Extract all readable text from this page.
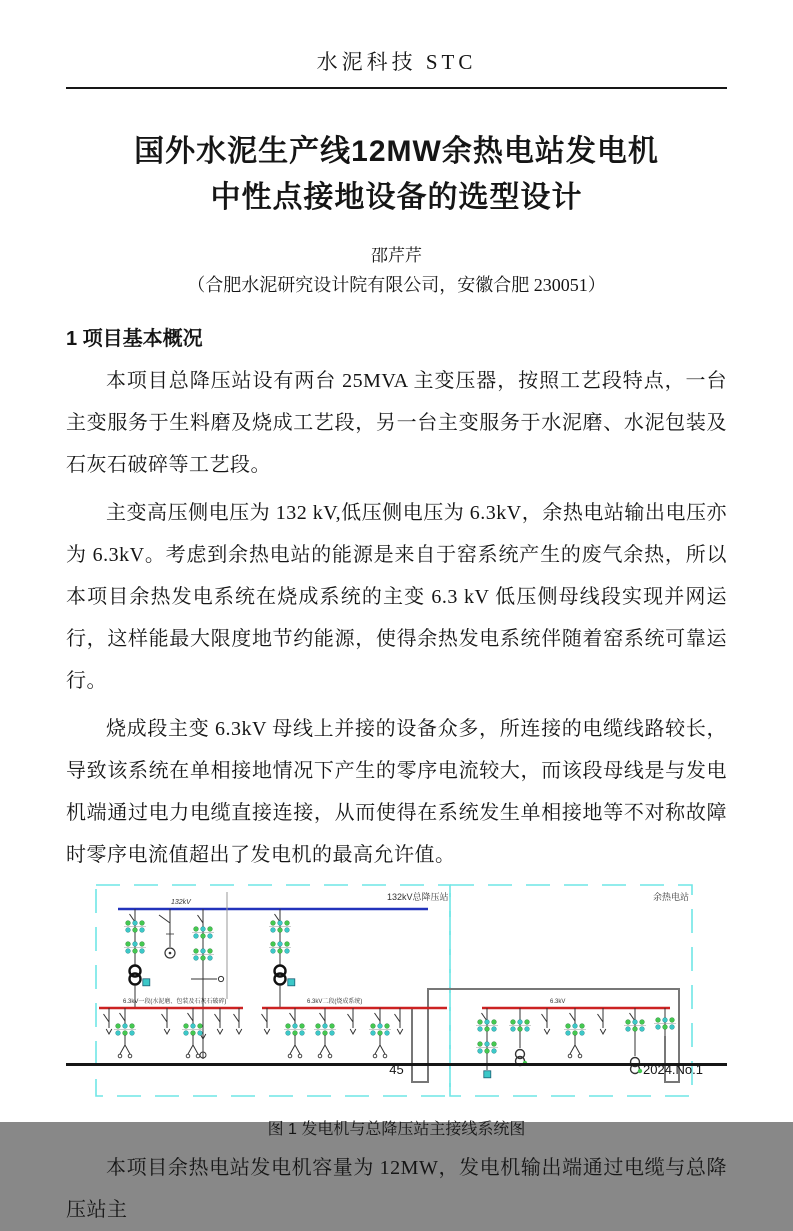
水泥科技 STC
国外水泥生产线12MW余热电站发电机
中性点接地设备的选型设计
邵芹芹
（合肥水泥研究设计院有限公司，安徽合肥 230051）
1 项目基本概况

本项目总降压站设有两台 25MVA 主变压器，按照工艺段特点，一台主变服务于生料磨及烧成工艺段，另一台主变服务于水泥磨、水泥包装及石灰石破碎等工艺段。

主变高压侧电压为 132 kV,低压侧电压为 6.3kV，余热电站输出电压亦为 6.3kV。考虑到余热电站的能源是来自于窑系统产生的废气余热，所以本项目余热发电系统在烧成系统的主变 6.3 kV 低压侧母线段实现并网运行，这样能最大限度地节约能源，使得余热发电系统伴随着窑系统可靠运行。

烧成段主变 6.3kV 母线上并接的设备众多，所连接的电缆线路较长，导致该系统在单相接地情况下产生的零序电流较大，而该段母线是与发电机端通过电力电缆直接连接，从而使得在系统发生单相接地等不对称故障时零序电流值超出了发电机的最高允许值。

132kV总降压站	余热电站
132kV
6.3kV一段(水泥磨、包装及石灰石破碎)	6.3kV二段(烧成系统)	6.3kV
图 1 发电机与总降压站主接线系统图

本项目余热电站发电机容量为 12MW，发电机输出端通过电缆与总降压站主

45	2024.No.1
